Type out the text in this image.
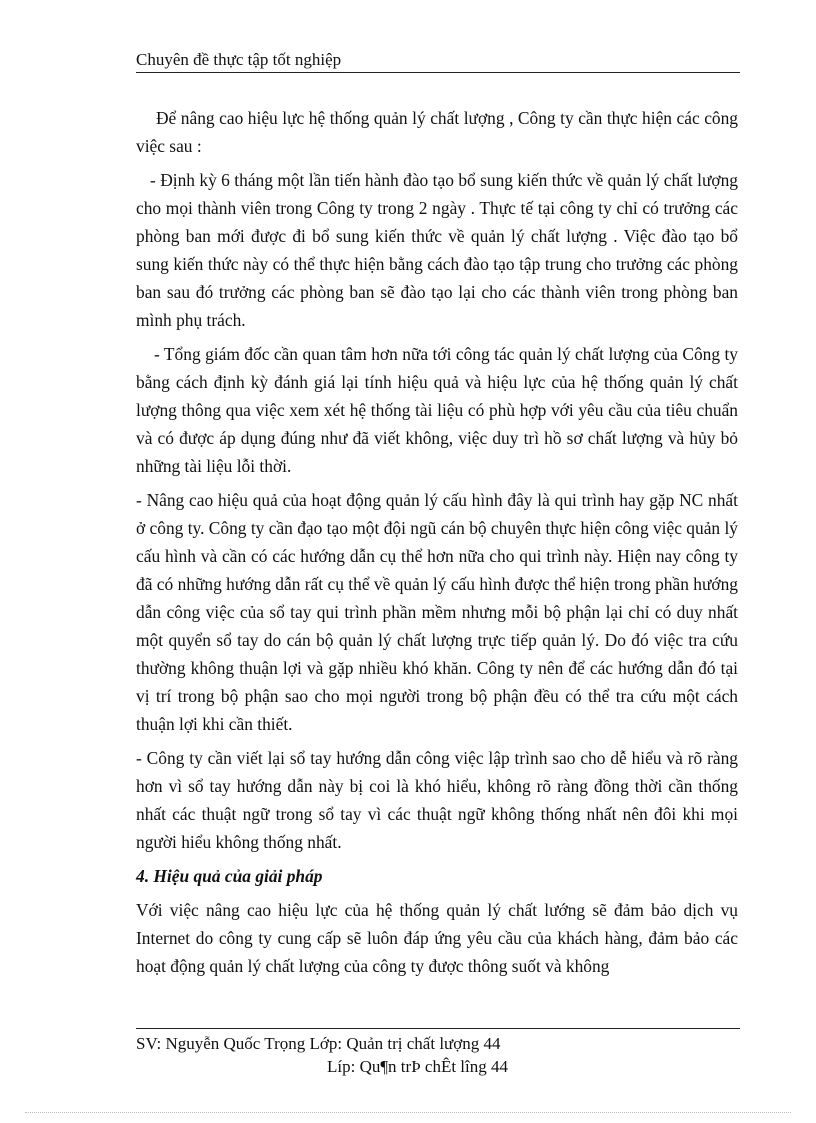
Chuyên đề thực tập tốt nghiệp

Để nâng cao hiệu lực hệ thống quản lý chất lượng , Công ty cần thực hiện các công việc sau :

- Định kỳ 6 tháng một lần tiến hành đào tạo bổ sung kiến thức về quản lý chất lượng cho mọi thành viên trong Công ty trong 2 ngày . Thực tế tại công ty chỉ có trưởng các phòng ban mới được đi bổ sung kiến thức về quản lý chất lượng . Việc đào tạo bổ sung kiến thức này có thể thực hiện bằng cách đào tạo tập trung cho trưởng các phòng ban sau đó trưởng các phòng ban sẽ đào tạo lại cho các thành viên trong phòng ban mình phụ trách.

- Tổng giám đốc cần quan tâm hơn nữa tới công tác quản lý chất lượng của Công ty bằng cách định kỳ đánh giá lại tính hiệu quả và hiệu lực của hệ thống quản lý chất lượng thông qua việc xem xét hệ thống tài liệu có phù hợp với yêu cầu của tiêu chuẩn và có được áp dụng đúng như đã viết không, việc duy trì hồ sơ chất lượng và hủy bỏ những tài liệu lỗi thời.

- Nâng cao hiệu quả của hoạt động quản lý cấu hình đây là qui trình hay gặp NC nhất ở công ty. Công ty cần đạo tạo một đội ngũ cán bộ chuyên thực hiện công việc quản lý cấu hình và cần có các hướng dẫn cụ thể hơn nữa cho qui trình này. Hiện nay công ty đã có những hướng dẫn rất cụ thể về quản lý cấu hình được thể hiện trong phần hướng dẫn công việc của sổ tay qui trình phần mềm nhưng mỗi bộ phận lại chỉ có duy nhất một quyển sổ tay do cán bộ quản lý chất lượng trực tiếp quản lý. Do đó việc tra cứu thường không thuận lợi và gặp nhiều khó khăn. Công ty nên để các hướng dẫn đó tại vị trí trong bộ phận sao cho mọi người trong bộ phận đều có thể tra cứu một cách thuận lợi khi cần thiết.

- Công ty cần viết lại sổ tay hướng dẫn công việc lập trình sao cho dễ hiểu và rõ ràng hơn vì sổ tay hướng dẫn này bị coi là khó hiểu, không rõ ràng đồng thời cần thống nhất các thuật ngữ trong sổ tay vì các thuật ngữ không thống nhất nên đôi khi mọi người hiểu không thống nhất.

4. Hiệu quả của giải pháp

Với việc nâng cao hiệu lực của hệ thống quản lý chất lướng sẽ đảm bảo dịch vụ Internet do công ty cung cấp sẽ luôn đáp ứng yêu cầu của khách hàng, đảm bảo các hoạt động quản lý chất lượng của công ty được thông suốt và không

SV: Nguyễn Quốc Trọng Lớp: Quản trị chất lượng 44
Líp: Qu¶n trÞ chÊt lîng 44
